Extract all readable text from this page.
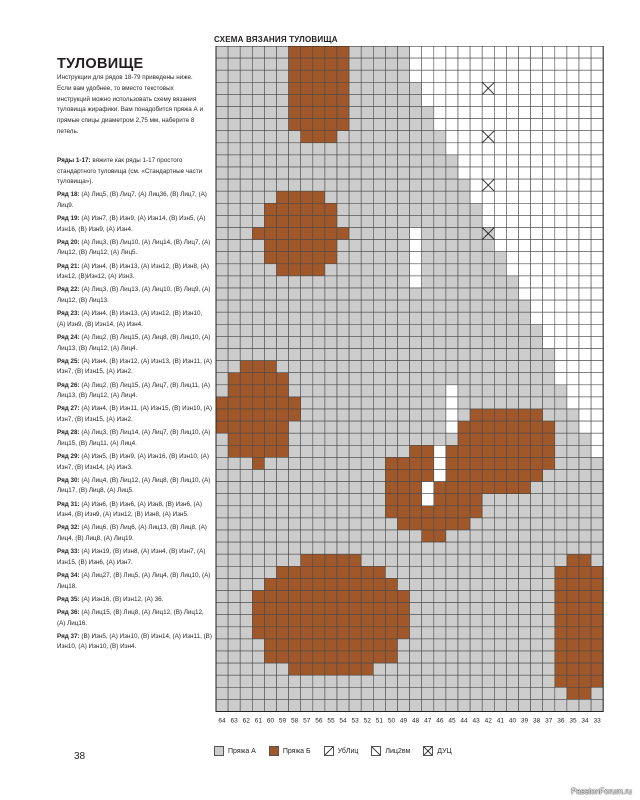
ТУЛОВИЩЕ
Инструкции для рядов 18-79 приведены ниже. Если вам удобнее, то вместо текстовых инструкций можно использовать схему вязания туловища жирафики. Вам понадобится пряжа А и прямые спицы диаметром 2,75 мм, наберите 8 петель.

Ряды 1-17: вяжите как ряды 1-17 простого стандартного туловища (см. «Стандартные части туловища»).

Ряд 18: (А) Лиц5, (В) Лиц7, (А) Лиц36, (В) Лиц7, (А) Лиц9.

Ряд 19: (А) Изн7, (В) Изн9, (А) Изн14, (В) Изн5, (А) Изн16, (В) Изн9, (А) Изн4.

Ряд 20: (А) Лиц3, (В) Лиц10, (А) Лиц14, (В) Лиц7, (А) Лиц12, (В) Лиц12, (А) Лиц5.

Ряд 21: (А) Изн4, (В) Изн13, (А) Изн12, (В) Изн8, (А) Изн12, (В)Изн12, (А) Изн3.

Ряд 22: (А) Лиц3, (В) Лиц13, (А) Лиц10, (В) Лиц9, (А) Лиц12, (В) Лиц13.

Ряд 23: (А) Изн4, (В) Изн13, (А) Изн12, (В) Изн10, (А) Изн9, (В) Изн14, (А) Изн4.

Ряд 24: (А) Лиц2, (В) Лиц15, (А) Лиц8, (В) Лиц10, (А) Лиц13, (В) Лиц12, (А) Лиц4.

Ряд 25: (А) Изн4, (В) Изн12, (А) Изн13, (В) Изн11, (А) Изн7, (В) Изн15, (А) Изн2.

Ряд 26: (А) Лиц2, (В) Лиц15, (А) Лиц7, (В) Лиц11, (А) Лиц13, (В) Лиц12, (А) Лиц4.

Ряд 27: (А) Изн4, (В) Изн11, (А) Изн15, (В) Изн10, (А) Изн7, (В) Изн15, (А) Изн2.

Ряд 28: (А) Лиц3, (В) Лиц14, (А) Лиц7, (В) Лиц10, (А) Лиц15, (В) Лиц11, (А) Лиц4.

Ряд 29: (А) Изн5, (В) Изн9, (А) Изн16, (В) Изн10, (А) Изн7, (В) Изн14, (А) Изн3.

Ряд 30: (А) Лиц4, (В) Лиц12, (А) Лиц8, (В) Лиц10, (А) Лиц17, (В) Лиц8, (А) Лиц5.

Ряд 31: (А) Изн6, (В) Изн6, (А) Изн8, (В) Изн6, (А) Изн4, (В) Изн9, (А) Изн12, (В) Изн8, (А) Изн5.

Ряд 32: (А) Лиц6, (В) Лиц6, (А) Лиц13, (В) Лиц8, (А) Лиц4, (В) Лиц8, (А) Лиц19.

Ряд 33: (А) Изн19, (В) Изн8, (А) Изн4, (В) Изн7, (А) Изн15, (В) Изн6, (А) Изн7.

Ряд 34: (А) Лиц27, (В) Лиц5, (А) Лиц4, (В) Лиц10, (А) Лиц18.

Ряд 35: (А) Изн16, (В) Изн12, (А) 36.

Ряд 36: (А) Лиц15, (В) Лиц8, (А) Лиц12, (В) Лиц12, (А) Лиц16.

Ряд 37: (В) Изн5, (А) Изн10, (В) Изн14, (А) Изн11, (В) Изн10, (А) Изн10, (В) Изн4.

СХЕМА ВЯЗАНИЯ ТУЛОВИЩА
64 63 62 61 60 59 58 57 56 55 54 53 52 51 50 49 48 47 46 45 44 43 42 41 40 39 38 37 36 35 34 33
Пряжа А	Пряжа Б	УбЛиц	Лиц2вм	ДУЦ
38
PassionForum.ru
